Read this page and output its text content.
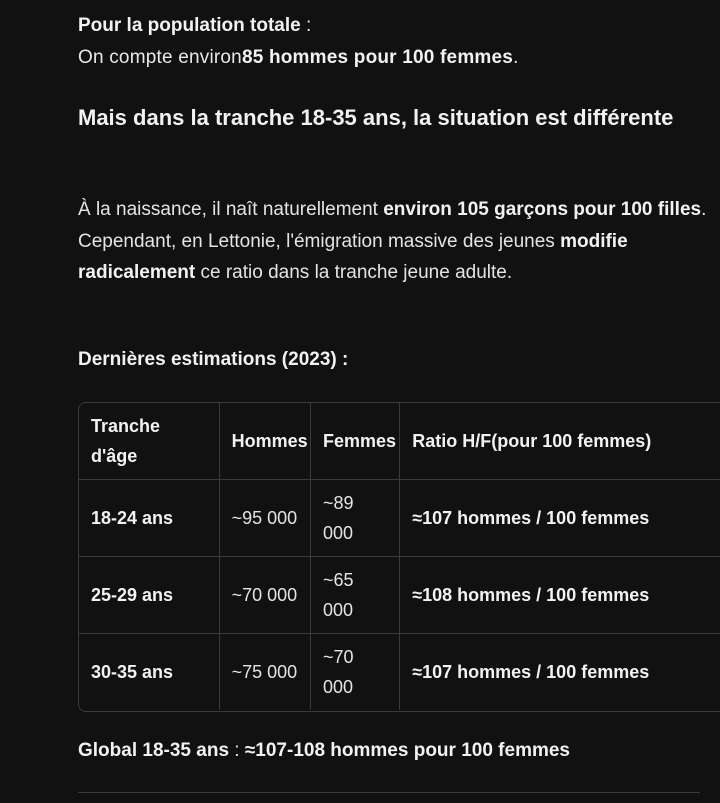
Pour la population totale :
On compte environ85 hommes pour 100 femmes.
Mais dans la tranche 18-35 ans, la situation est différente
À la naissance, il naît naturellement environ 105 garçons pour 100 filles. Cependant, en Lettonie, l'émigration massive des jeunes modifie radicalement ce ratio dans la tranche jeune adulte.
Dernières estimations (2023) :
Tranche d'âge	Hommes	Femmes	Ratio H/F(pour 100 femmes)
18-24 ans	~95 000	~89 000	≈107 hommes / 100 femmes
25-29 ans	~70 000	~65 000	≈108 hommes / 100 femmes
30-35 ans	~75 000	~70 000	≈107 hommes / 100 femmes
Global 18-35 ans : ≈107-108 hommes pour 100 femmes
